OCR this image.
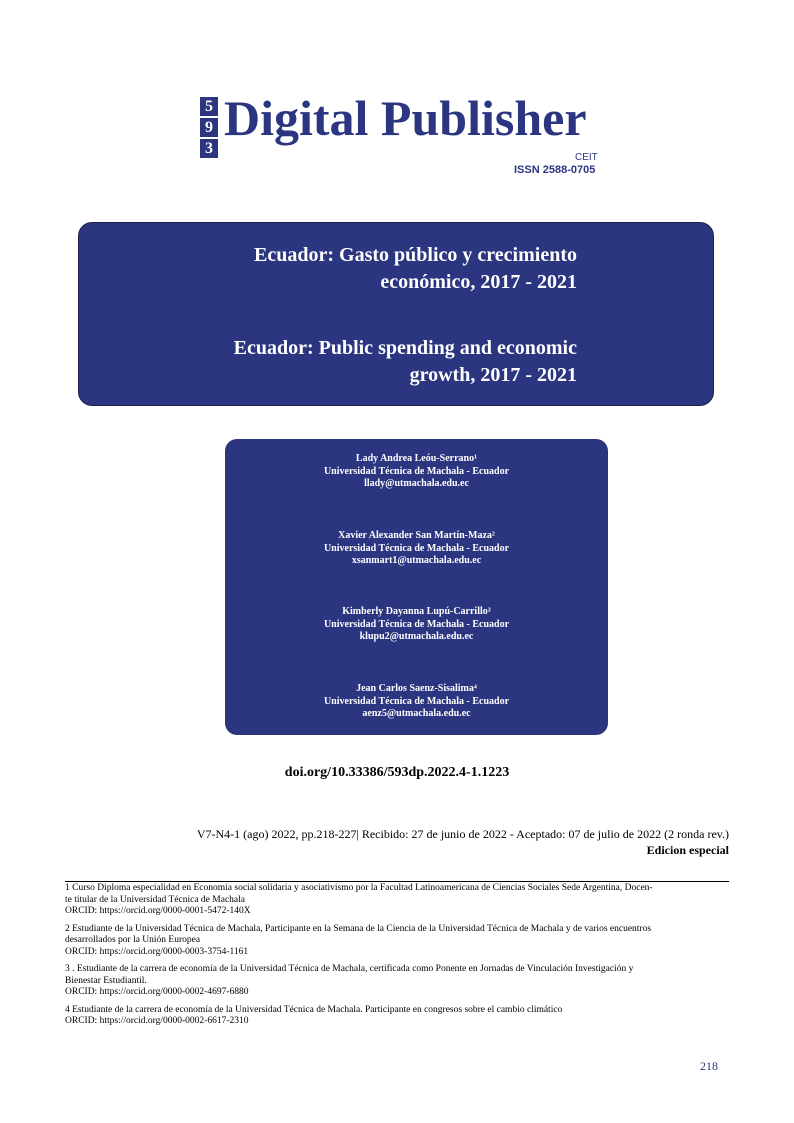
5
9
3
Digital Publisher
CEIT
ISSN 2588-0705
Ecuador: Gasto público y crecimiento
económico, 2017 - 2021
Ecuador: Public spending and economic
growth, 2017 - 2021
Lady Andrea Leóu-Serrano¹
Universidad Técnica de Machala - Ecuador
llady@utmachala.edu.ec
Xavier Alexander San Martín-Maza²
Universidad Técnica de Machala - Ecuador
xsanmart1@utmachala.edu.ec
Kimberly Dayanna Lupú-Carrillo³
Universidad Técnica de Machala - Ecuador
klupu2@utmachala.edu.ec
Jean Carlos Saenz-Sisalima⁴
Universidad Técnica de Machala - Ecuador
aenz5@utmachala.edu.ec
doi.org/10.33386/593dp.2022.4-1.1223
V7-N4-1 (ago) 2022, pp.218-227| Recibido: 27 de junio de 2022 - Aceptado: 07 de julio de 2022 (2 ronda rev.)
Edicion especial
1 Curso Diploma especialidad en Economía social solidaria y asociativismo por la Facultad Latinoamericana de Ciencias Sociales Sede Argentina, Docen-
te titular de la Universidad Técnica de Machala
ORCID: https://orcid.org/0000-0001-5472-140X
2 Estudiante de la Universidad Técnica de Machala, Participante en la Semana de la Ciencia de la Universidad Técnica de Machala y de varios encuentros
desarrollados por la Unión Europea
ORCID: https://orcid.org/0000-0003-3754-1161
3 . Estudiante de la carrera de economía de la Universidad Técnica de Machala, certificada como Ponente en Jornadas de Vinculación Investigación y
Bienestar Estudiantil.
ORCID: https://orcid.org/0000-0002-4697-6880
4 Estudiante de la carrera de economía de la Universidad Técnica de Machala. Participante en congresos sobre el cambio climático
ORCID: https://orcid.org/0000-0002-6617-2310
218
